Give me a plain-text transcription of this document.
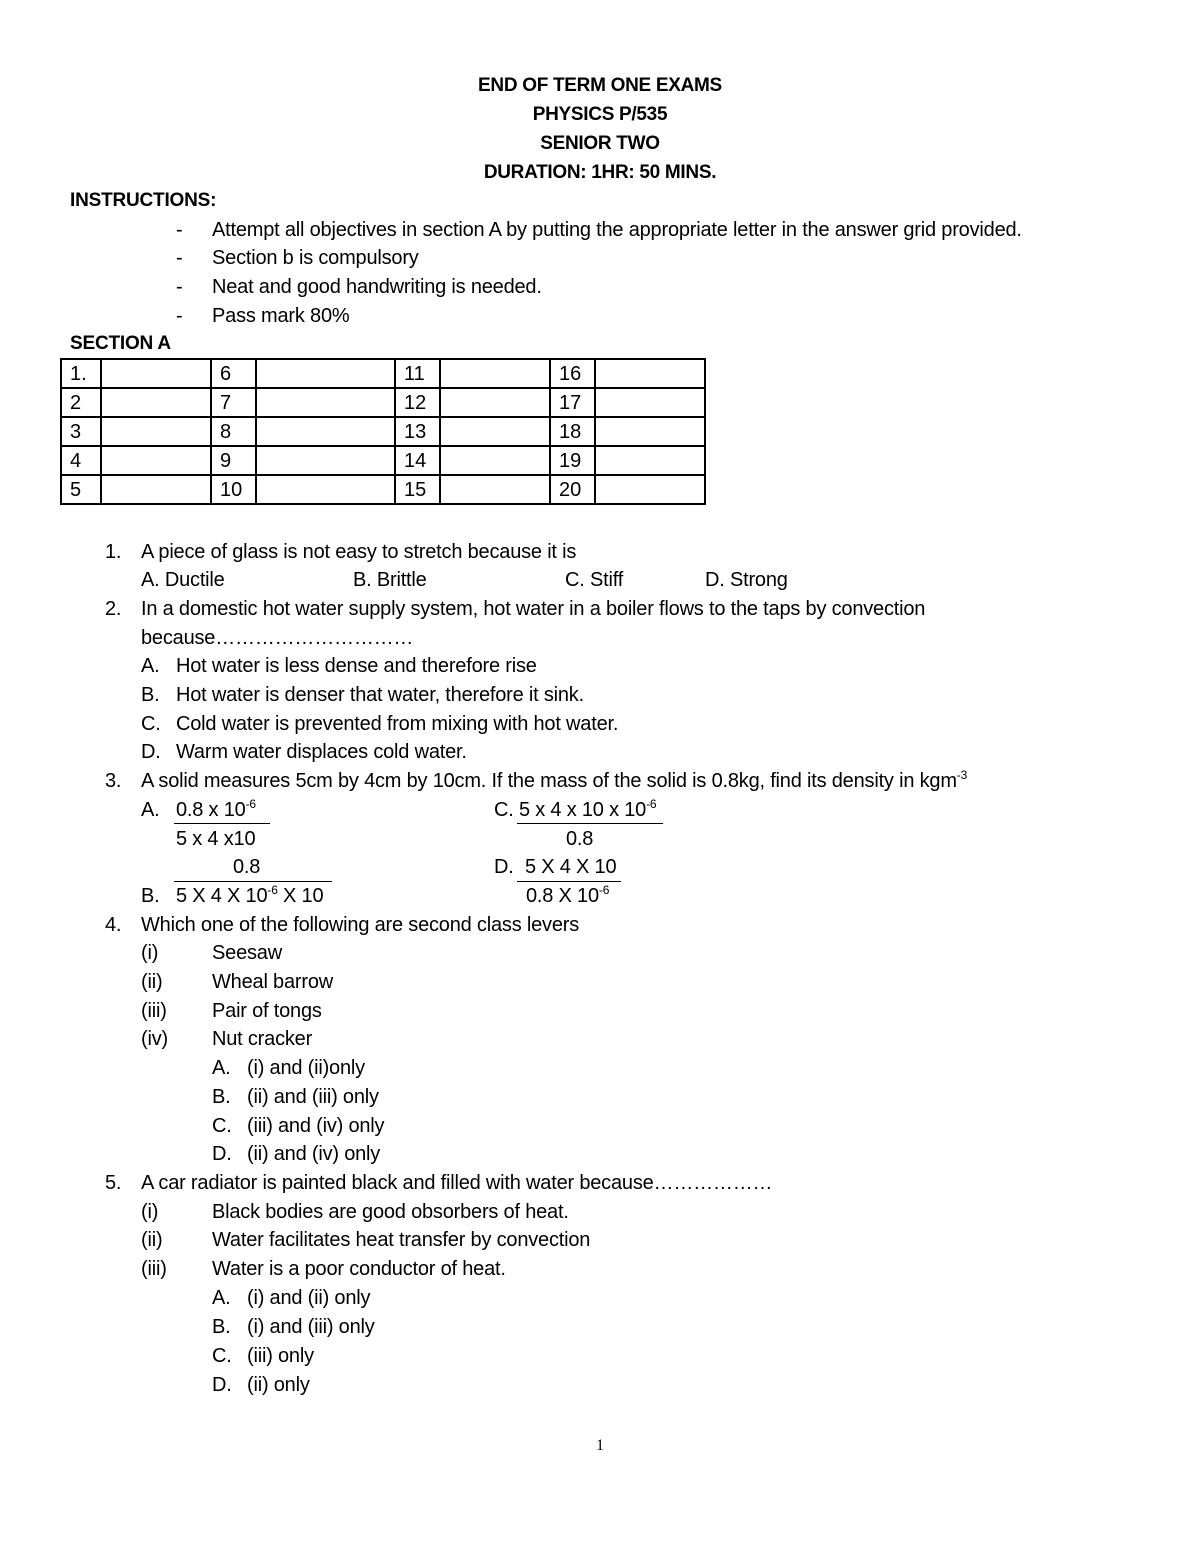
END OF TERM ONE EXAMS
PHYSICS P/535
SENIOR TWO
DURATION: 1HR: 50 MINS.
INSTRUCTIONS:
- Attempt all objectives in section A by putting the appropriate letter in the answer grid provided.
- Section b is compulsory
- Neat and good handwriting is needed.
- Pass mark 80%
SECTION A
1.		6		11		16	
2		7		12		17	
3		8		13		18	
4		9		14		19	
5		10		15		20	
1. A piece of glass is not easy to stretch because it is
A. Ductile	B. Brittle	C. Stiff	D. Strong
2. In a domestic hot water supply system, hot water in a boiler flows to the taps by convection
because…………………………
A. Hot water is less dense and therefore rise
B. Hot water is denser that water, therefore it sink.
C. Cold water is prevented from mixing with hot water.
D. Warm water displaces cold water.
3. A solid measures 5cm by 4cm by 10cm. If the mass of the solid is 0.8kg, find its density in kgm$^{-3}$
A. 0.8 x $10^{-6}$
5 x 4 x10
0.8
B. 5 X 4 X $10^{-6}$ X 10
C. 5 x 4 x 10 x $10^{-6}$
0.8
D. 5 X 4 X 10
0.8 X $10^{-6}$
4. Which one of the following are second class levers
(i)	Seesaw
(ii) Wheal barrow
(iii) Pair of tongs
(iv) Nut cracker
A. (i) and (ii)only
B. (ii) and (iii) only
C. (iii) and (iv) only
D. (ii) and (iv) only
5. A car radiator is painted black and filled with water because………………
(i)	Black bodies are good obsorbers of heat.
(ii) Water facilitates heat transfer by convection
(iii) Water is a poor conductor of heat.
A. (i) and (ii) only
B. (i) and (iii) only
C. (iii) only
D. (ii) only
1
